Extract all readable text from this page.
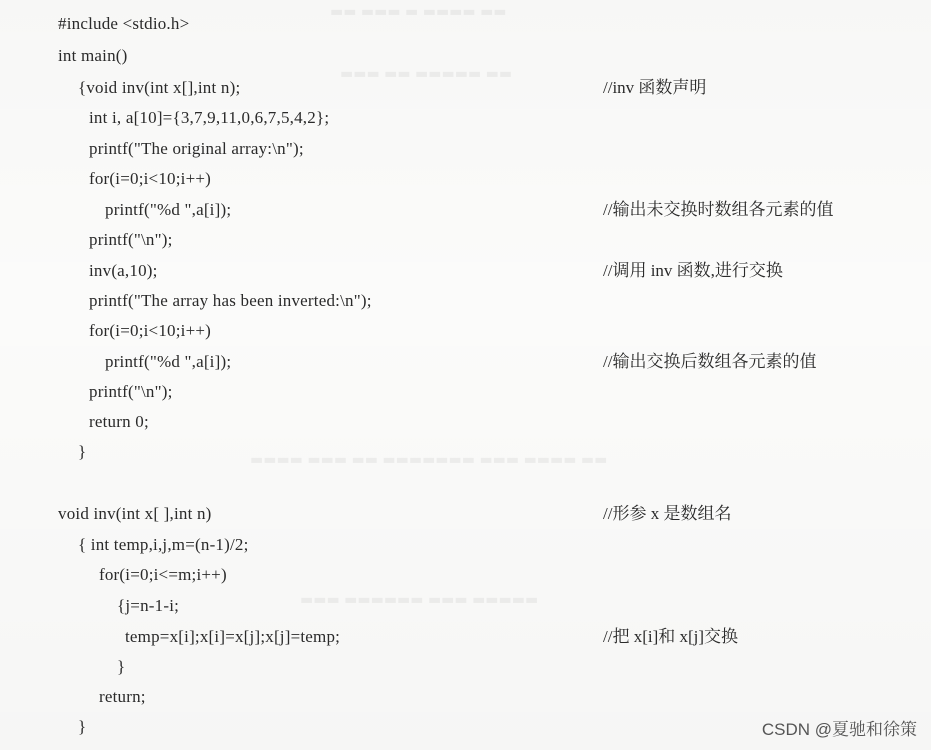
▬▬ ▬▬▬ ▬ ▬▬▬▬ ▬▬
▬▬▬ ▬▬ ▬▬▬▬▬ ▬▬
▬▬▬▬ ▬▬▬ ▬▬ ▬▬▬▬▬▬▬ ▬▬▬ ▬▬▬▬ ▬▬
▬▬▬ ▬▬▬▬▬▬ ▬▬▬ ▬▬▬▬▬
#include <stdio.h>
int main()
{void inv(int x[],int n);	//inv 函数声明
int i, a[10]={3,7,9,11,0,6,7,5,4,2};
printf("The original array:\n");
for(i=0;i<10;i++)
printf("%d ",a[i]);	//输出未交换时数组各元素的值
printf("\n");
inv(a,10);	//调用 inv 函数,进行交换
printf("The array has been inverted:\n");
for(i=0;i<10;i++)
printf("%d ",a[i]);	//输出交换后数组各元素的值
printf("\n");
return 0;
}
void inv(int x[ ],int n)	//形参 x 是数组名
{ int temp,i,j,m=(n-1)/2;
for(i=0;i<=m;i++)
{j=n-1-i;
temp=x[i];x[i]=x[j];x[j]=temp;	//把 x[i]和 x[j]交换
}
return;
}	CSDN @夏驰和徐策
